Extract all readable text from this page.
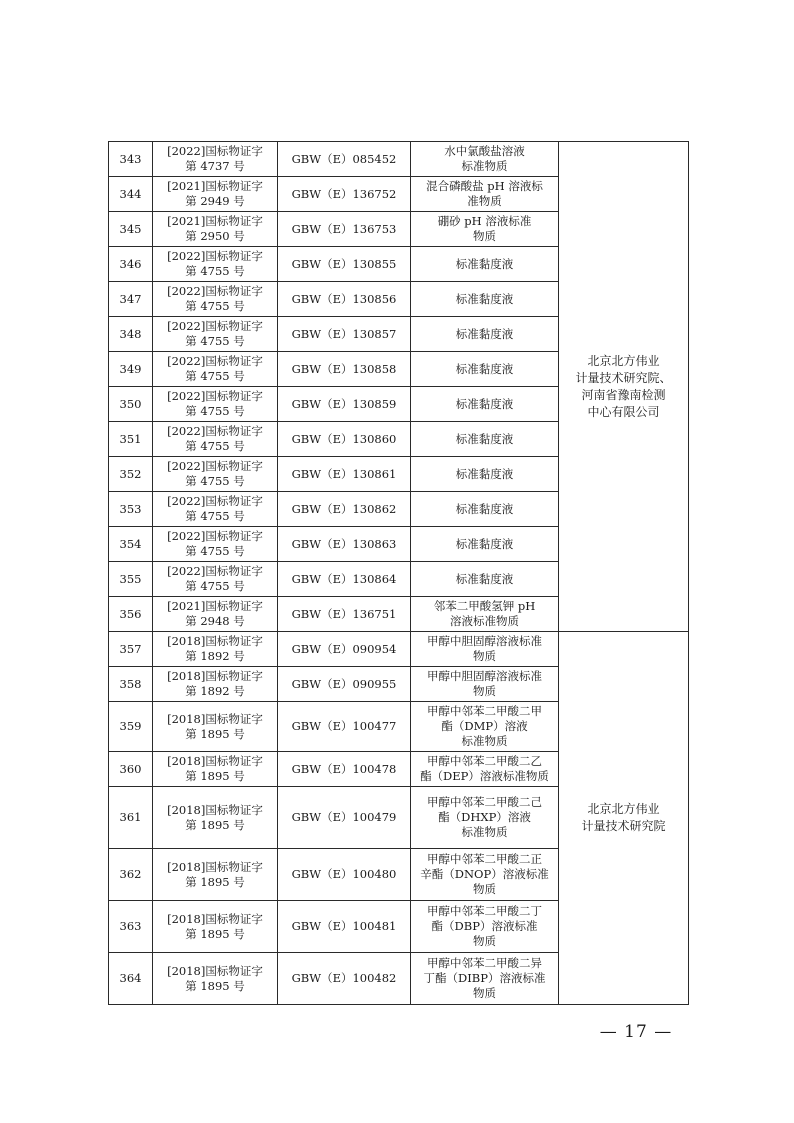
343	[2022]国标物证字
第 4737 号	GBW（E）085452	水中氯酸盐溶液
标准物质	北京北方伟业
计量技术研究院、
河南省豫南检测
中心有限公司
344	[2021]国标物证字
第 2949 号	GBW（E）136752	混合磷酸盐 pH 溶液标
准物质	
345	[2021]国标物证字
第 2950 号	GBW（E）136753	硼砂 pH 溶液标准
物质	
346	[2022]国标物证字
第 4755 号	GBW（E）130855	标准黏度液	
347	[2022]国标物证字
第 4755 号	GBW（E）130856	标准黏度液	
348	[2022]国标物证字
第 4755 号	GBW（E）130857	标准黏度液	
349	[2022]国标物证字
第 4755 号	GBW（E）130858	标准黏度液	
350	[2022]国标物证字
第 4755 号	GBW（E）130859	标准黏度液	
351	[2022]国标物证字
第 4755 号	GBW（E）130860	标准黏度液	
352	[2022]国标物证字
第 4755 号	GBW（E）130861	标准黏度液	
353	[2022]国标物证字
第 4755 号	GBW（E）130862	标准黏度液	
354	[2022]国标物证字
第 4755 号	GBW（E）130863	标准黏度液	
355	[2022]国标物证字
第 4755 号	GBW（E）130864	标准黏度液	
356	[2021]国标物证字
第 2948 号	GBW（E）136751	邻苯二甲酸氢钾 pH
溶液标准物质	
357	[2018]国标物证字
第 1892 号	GBW（E）090954	甲醇中胆固醇溶液标准
物质	北京北方伟业
计量技术研究院
358	[2018]国标物证字
第 1892 号	GBW（E）090955	甲醇中胆固醇溶液标准
物质	
359	[2018]国标物证字
第 1895 号	GBW（E）100477	甲醇中邻苯二甲酸二甲
酯（DMP）溶液
标准物质	
360	[2018]国标物证字
第 1895 号	GBW（E）100478	甲醇中邻苯二甲酸二乙
酯（DEP）溶液标准物质	
361	[2018]国标物证字
第 1895 号	GBW（E）100479	甲醇中邻苯二甲酸二己
酯（DHXP）溶液
标准物质	
362	[2018]国标物证字
第 1895 号	GBW（E）100480	甲醇中邻苯二甲酸二正
辛酯（DNOP）溶液标准
物质	
363	[2018]国标物证字
第 1895 号	GBW（E）100481	甲醇中邻苯二甲酸二丁
酯（DBP）溶液标准
物质	
364	[2018]国标物证字
第 1895 号	GBW（E）100482	甲醇中邻苯二甲酸二异
丁酯（DIBP）溶液标准
物质	
— 17 —
